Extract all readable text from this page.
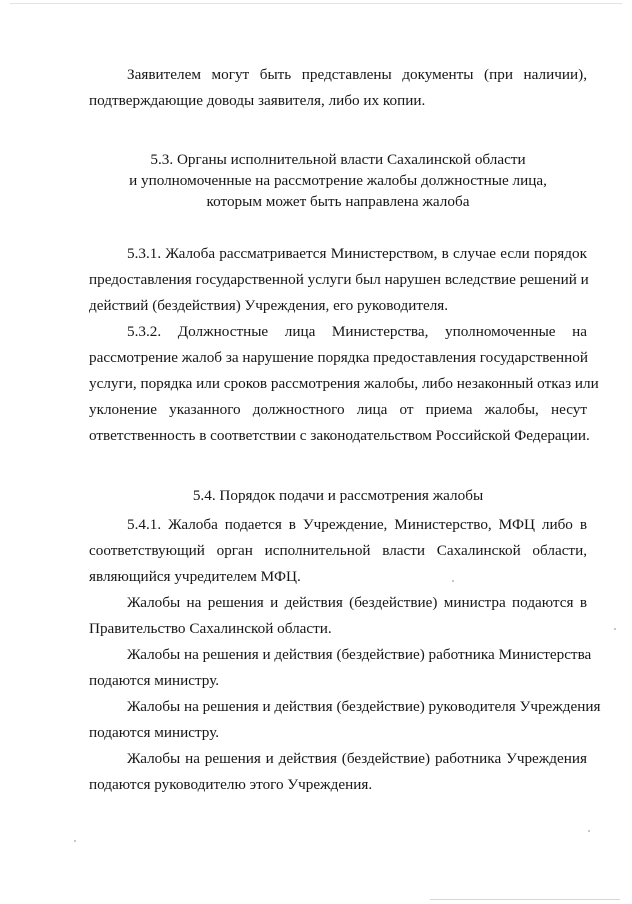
Заявителем могут быть представлены документы (при наличии),
подтверждающие доводы заявителя, либо их копии.
5.3. Органы исполнительной власти Сахалинской области
и уполномоченные на рассмотрение жалобы должностные лица,
которым может быть направлена жалоба
5.3.1. Жалоба рассматривается Министерством, в случае если порядок
предоставления государственной услуги был нарушен вследствие решений и
действий (бездействия) Учреждения, его руководителя.
5.3.2. Должностные лица Министерства, уполномоченные на
рассмотрение жалоб за нарушение порядка предоставления государственной
услуги, порядка или сроков рассмотрения жалобы, либо незаконный отказ или
уклонение указанного должностного лица от приема жалобы, несут
ответственность в соответствии с законодательством Российской Федерации.
5.4. Порядок подачи и рассмотрения жалобы
5.4.1. Жалоба подается в Учреждение, Министерство, МФЦ либо в
соответствующий орган исполнительной власти Сахалинской области,
являющийся учредителем МФЦ.
Жалобы на решения и действия (бездействие) министра подаются в
Правительство Сахалинской области.
Жалобы на решения и действия (бездействие) работника Министерства
подаются министру.
Жалобы на решения и действия (бездействие) руководителя Учреждения
подаются министру.
Жалобы на решения и действия (бездействие) работника Учреждения
подаются руководителю этого Учреждения.
